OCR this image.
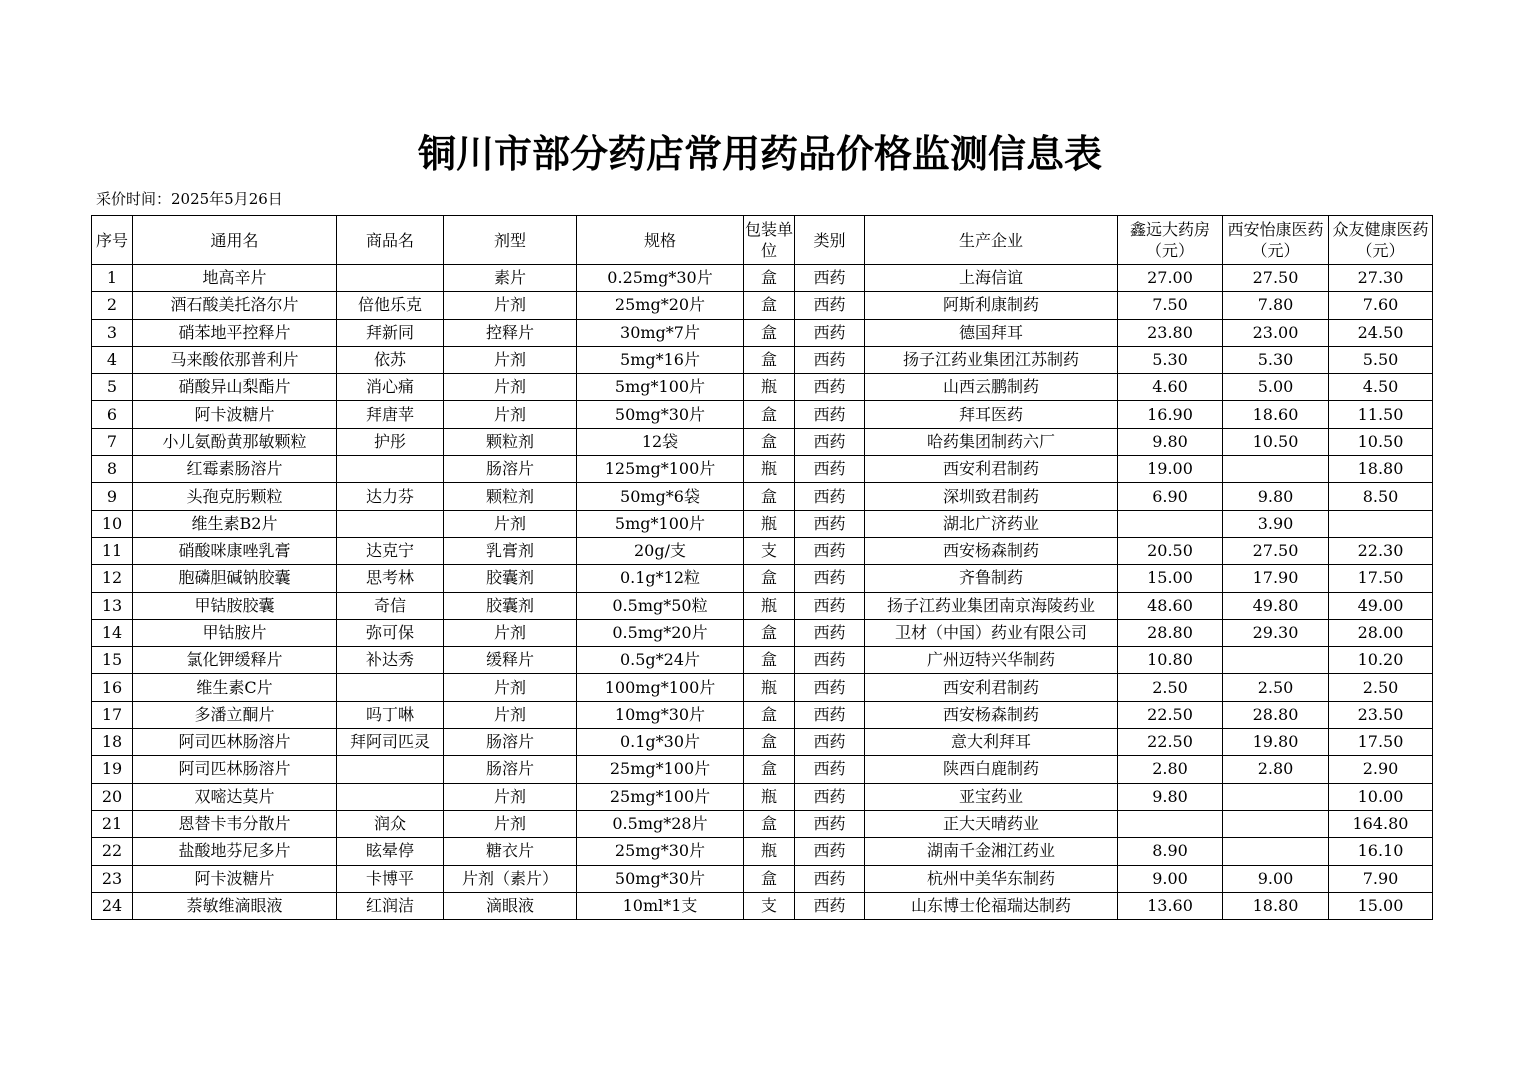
铜川市部分药店常用药品价格监测信息表
采价时间：2025年5月26日
序号	通用名	商品名	剂型	规格	包装单位	类别	生产企业	鑫远大药房（元）	西安怡康医药（元）	众友健康医药（元）
1	地高辛片		素片	0.25mg*30片	盒	西药	上海信谊	27.00	27.50	27.30
2	酒石酸美托洛尔片	倍他乐克	片剂	25mg*20片	盒	西药	阿斯利康制药	7.50	7.80	7.60
3	硝苯地平控释片	拜新同	控释片	30mg*7片	盒	西药	德国拜耳	23.80	23.00	24.50
4	马来酸依那普利片	依苏	片剂	5mg*16片	盒	西药	扬子江药业集团江苏制药	5.30	5.30	5.50
5	硝酸异山梨酯片	消心痛	片剂	5mg*100片	瓶	西药	山西云鹏制药	4.60	5.00	4.50
6	阿卡波糖片	拜唐苹	片剂	50mg*30片	盒	西药	拜耳医药	16.90	18.60	11.50
7	小儿氨酚黄那敏颗粒	护彤	颗粒剂	12袋	盒	西药	哈药集团制药六厂	9.80	10.50	10.50
8	红霉素肠溶片		肠溶片	125mg*100片	瓶	西药	西安利君制药	19.00		18.80
9	头孢克肟颗粒	达力芬	颗粒剂	50mg*6袋	盒	西药	深圳致君制药	6.90	9.80	8.50
10	维生素B2片		片剂	5mg*100片	瓶	西药	湖北广济药业		3.90	
11	硝酸咪康唑乳膏	达克宁	乳膏剂	20g/支	支	西药	西安杨森制药	20.50	27.50	22.30
12	胞磷胆碱钠胶囊	思考林	胶囊剂	0.1g*12粒	盒	西药	齐鲁制药	15.00	17.90	17.50
13	甲钴胺胶囊	奇信	胶囊剂	0.5mg*50粒	瓶	西药	扬子江药业集团南京海陵药业	48.60	49.80	49.00
14	甲钴胺片	弥可保	片剂	0.5mg*20片	盒	西药	卫材（中国）药业有限公司	28.80	29.30	28.00
15	氯化钾缓释片	补达秀	缓释片	0.5g*24片	盒	西药	广州迈特兴华制药	10.80		10.20
16	维生素C片		片剂	100mg*100片	瓶	西药	西安利君制药	2.50	2.50	2.50
17	多潘立酮片	吗丁啉	片剂	10mg*30片	盒	西药	西安杨森制药	22.50	28.80	23.50
18	阿司匹林肠溶片	拜阿司匹灵	肠溶片	0.1g*30片	盒	西药	意大利拜耳	22.50	19.80	17.50
19	阿司匹林肠溶片		肠溶片	25mg*100片	盒	西药	陕西白鹿制药	2.80	2.80	2.90
20	双嘧达莫片		片剂	25mg*100片	瓶	西药	亚宝药业	9.80		10.00
21	恩替卡韦分散片	润众	片剂	0.5mg*28片	盒	西药	正大天晴药业			164.80
22	盐酸地芬尼多片	眩晕停	糖衣片	25mg*30片	瓶	西药	湖南千金湘江药业	8.90		16.10
23	阿卡波糖片	卡博平	片剂（素片）	50mg*30片	盒	西药	杭州中美华东制药	9.00	9.00	7.90
24	萘敏维滴眼液	红润洁	滴眼液	10ml*1支	支	西药	山东博士伦福瑞达制药	13.60	18.80	15.00
